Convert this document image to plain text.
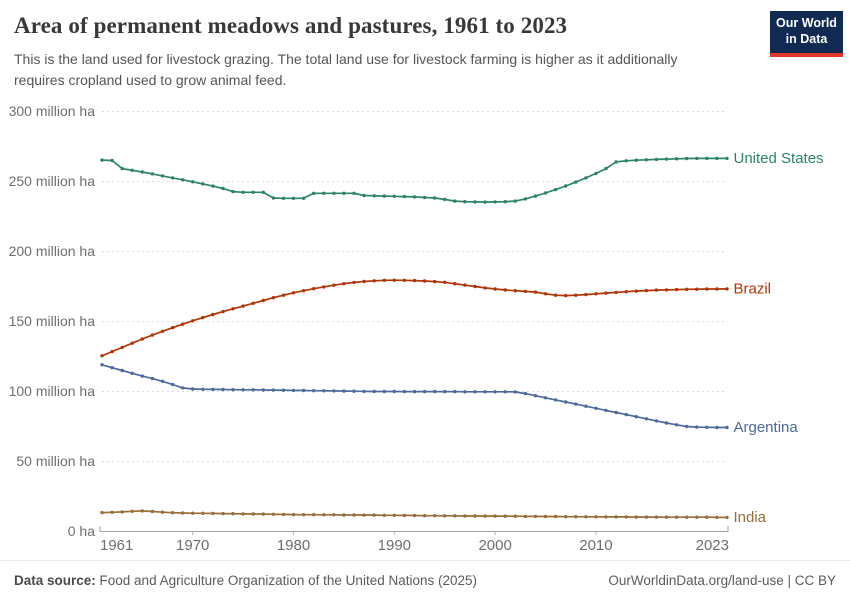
0 ha
50 million ha
100 million ha
150 million ha
200 million ha
250 million ha
300 million ha
1961	1970	1980	1990	2000	2010	2023
United States
Brazil
Argentina
India
Area of permanent meadows and pastures, 1961 to 2023

This is the land used for livestock grazing. The total land use for livestock farming is higher as it additionally requires cropland used to grow animal feed.

Our World
in Data
Data source: Food and Agriculture Organization of the United Nations (2025)	OurWorldinData.org/land-use | CC BY
